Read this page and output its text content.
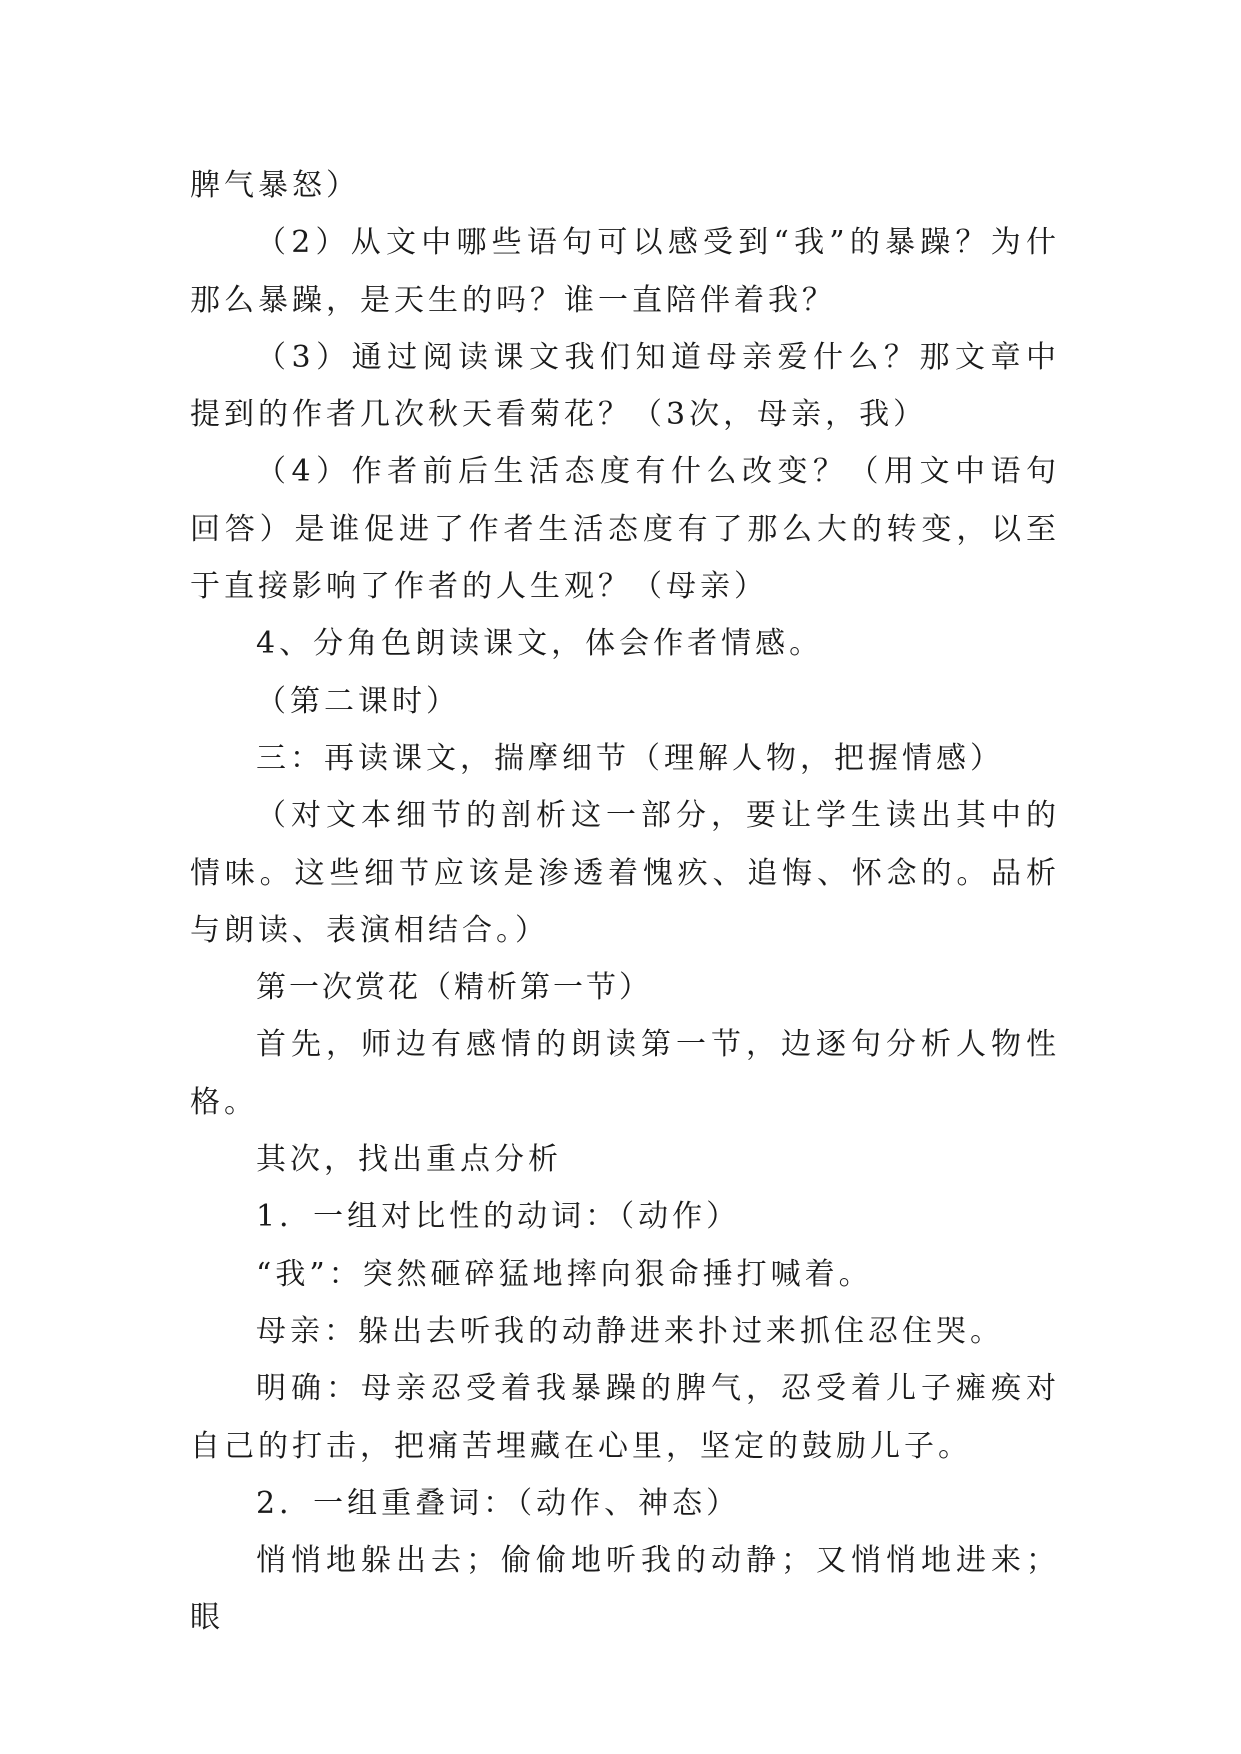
脾气暴怒）

（2）从文中哪些语句可以感受到“我”的暴躁？为什那么暴躁，是天生的吗？谁一直陪伴着我？

（3）通过阅读课文我们知道母亲爱什么？那文章中提到的作者几次秋天看菊花？（3次，母亲，我）

（4）作者前后生活态度有什么改变？（用文中语句回答）是谁促进了作者生活态度有了那么大的转变，以至于直接影响了作者的人生观？（母亲）

4、分角色朗读课文，体会作者情感。

（第二课时）

三：再读课文，揣摩细节（理解人物，把握情感）

（对文本细节的剖析这一部分，要让学生读出其中的情味。这些细节应该是渗透着愧疚、追悔、怀念的。品析与朗读、表演相结合。）

第一次赏花（精析第一节）

首先，师边有感情的朗读第一节，边逐句分析人物性格。

其次，找出重点分析

1．一组对比性的动词：（动作）

“我”：突然砸碎猛地摔向狠命捶打喊着。

母亲：躲出去听我的动静进来扑过来抓住忍住哭。

明确：母亲忍受着我暴躁的脾气，忍受着儿子瘫痪对自己的打击，把痛苦埋藏在心里，坚定的鼓励儿子。

2．一组重叠词：（动作、神态）

悄悄地躲出去；偷偷地听我的动静；又悄悄地进来；眼
